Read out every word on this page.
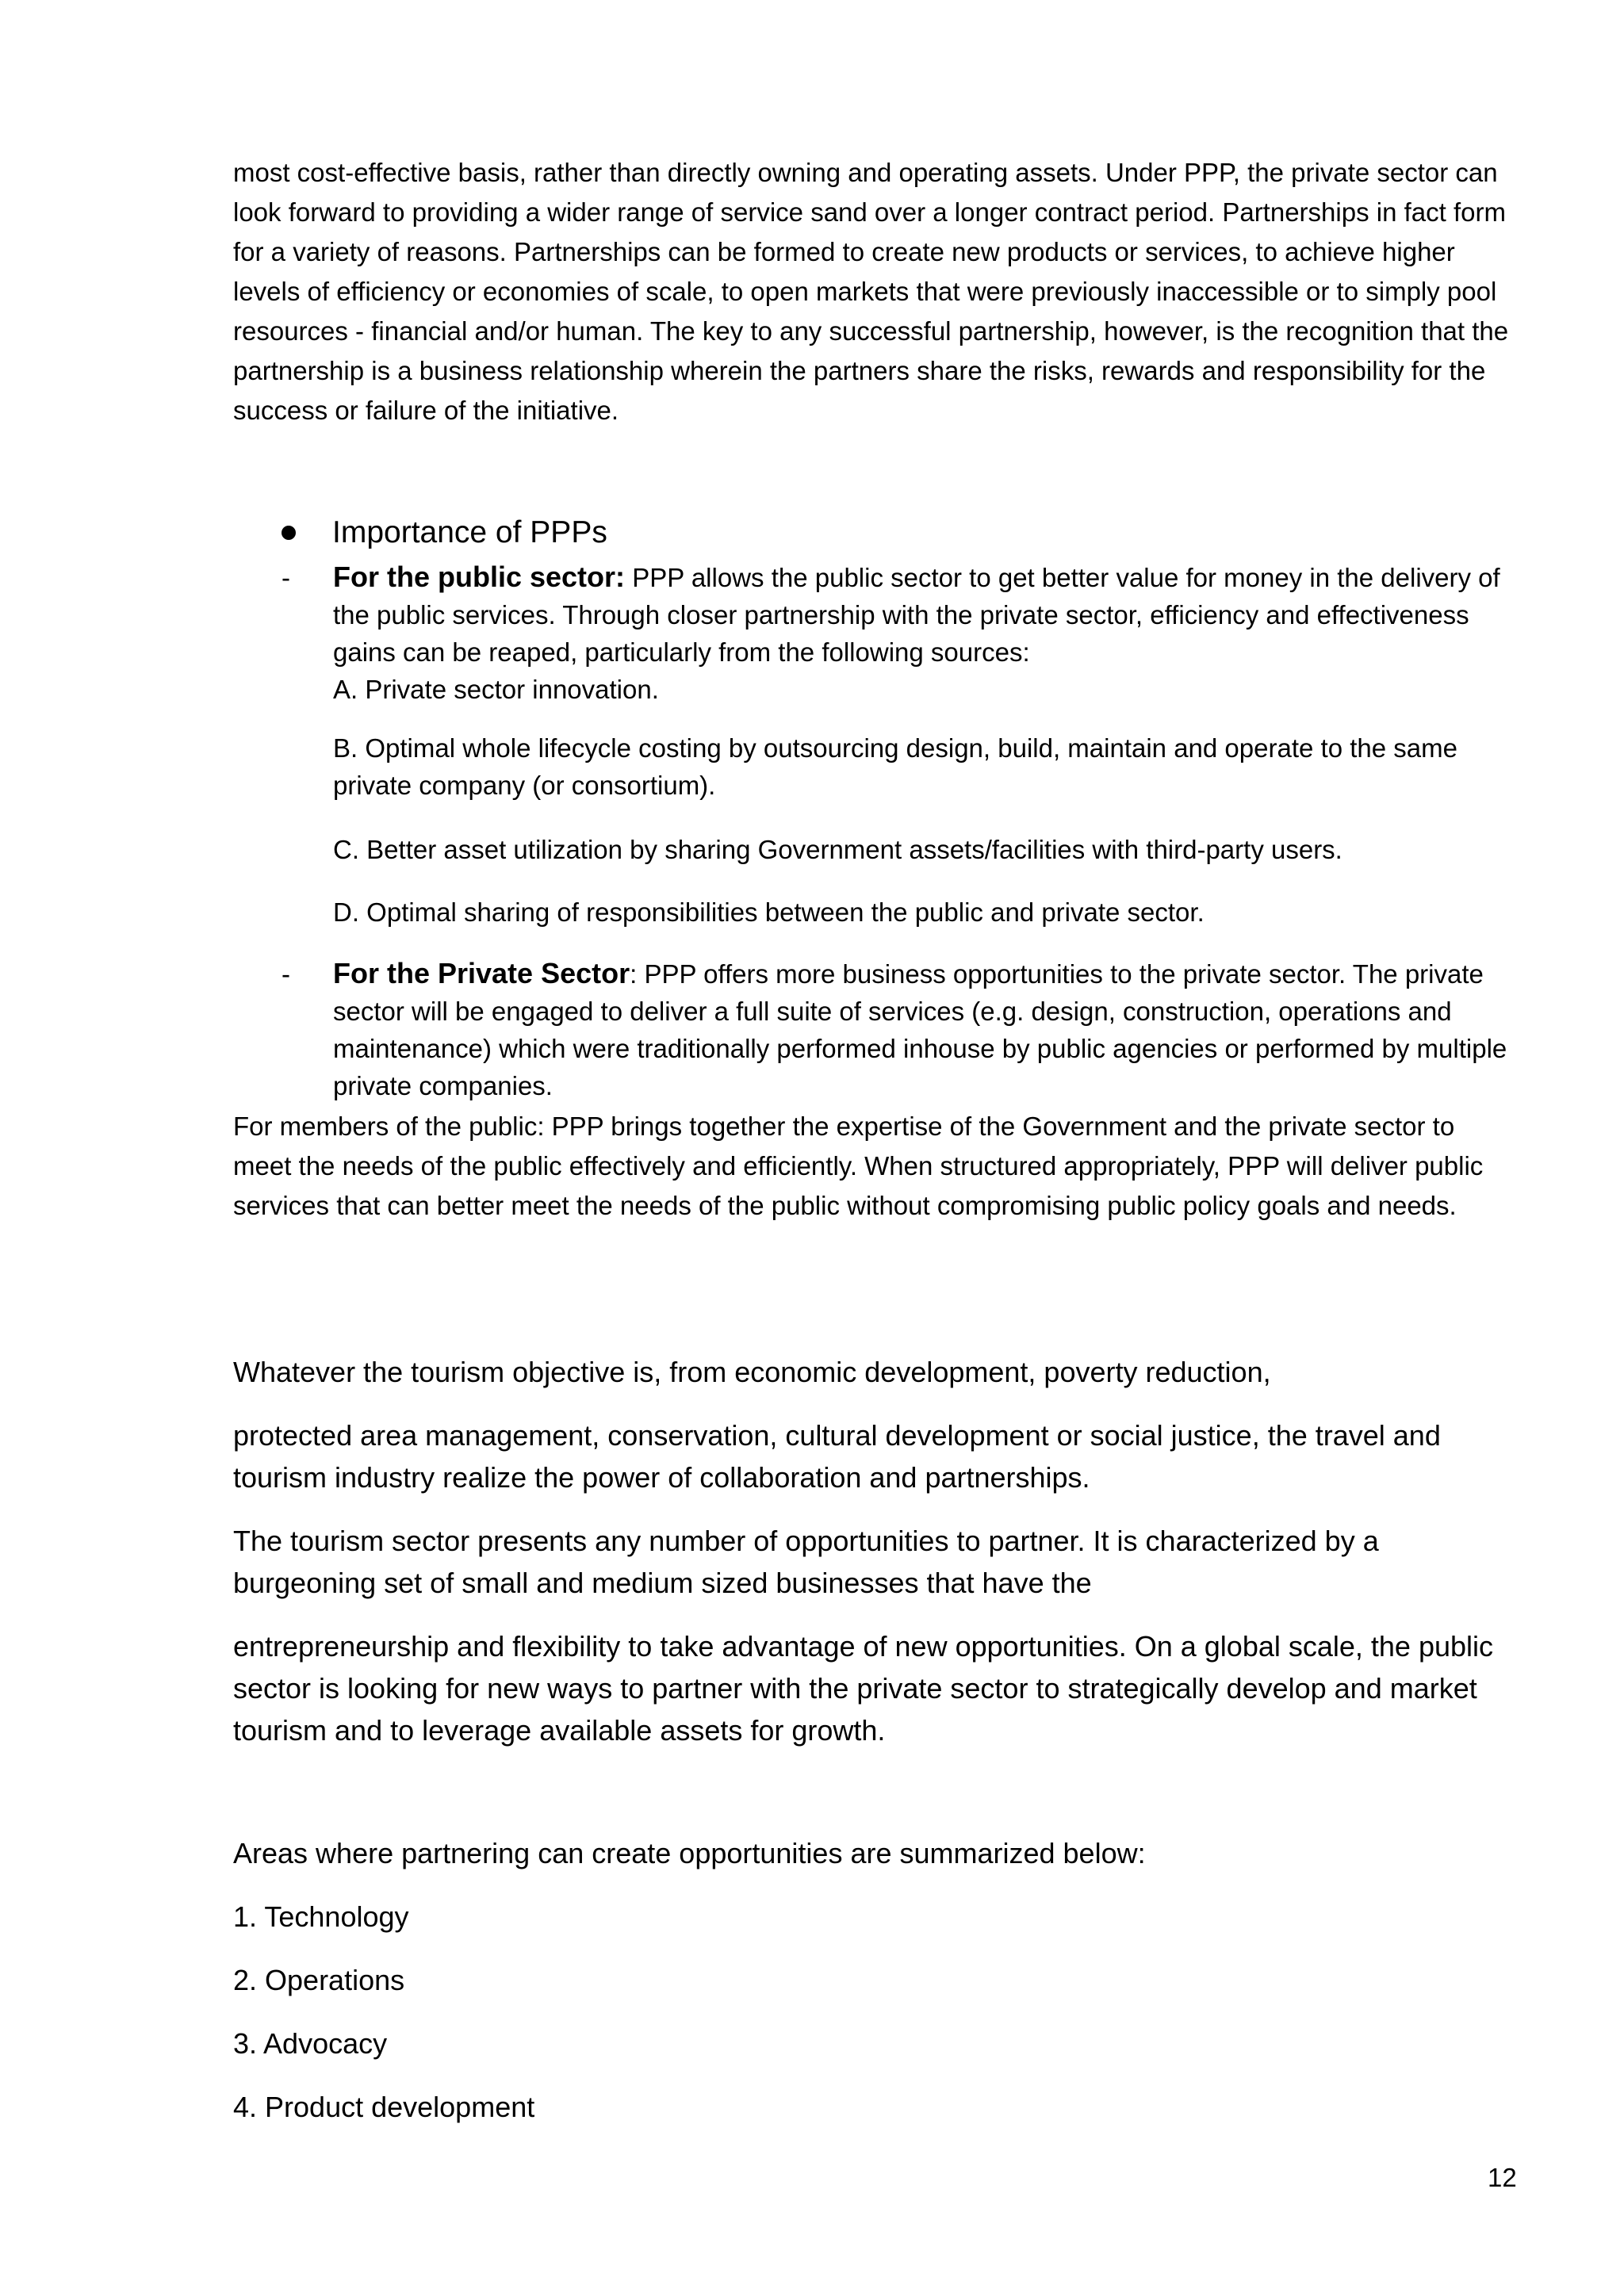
most cost-effective basis, rather than directly owning and operating assets. Under PPP, the private sector can look forward to providing a wider range of service sand over a longer contract period. Partnerships in fact form for a variety of reasons. Partnerships can be formed to create new products or services, to achieve higher levels of efficiency or economies of scale, to open markets that were previously inaccessible or to simply pool resources - financial and/or human. The key to any successful partnership, however, is the recognition that the partnership is a business relationship wherein the partners share the risks, rewards and responsibility for the success or failure of the initiative.

Importance of PPPs
- For the public sector: PPP allows the public sector to get better value for money in the delivery of the public services. Through closer partnership with the private sector, efficiency and effectiveness gains can be reaped, particularly from the following sources:

A. Private sector innovation.

B. Optimal whole lifecycle costing by outsourcing design, build, maintain and operate to the same private company (or consortium).
C. Better asset utilization by sharing Government assets/facilities with third-party users.
D. Optimal sharing of responsibilities between the public and private sector.
- For the Private Sector: PPP offers more business opportunities to the private sector. The private sector will be engaged to deliver a full suite of services (e.g. design, construction, operations and maintenance) which were traditionally performed inhouse by public agencies or performed by multiple private companies.

For members of the public: PPP brings together the expertise of the Government and the private sector to meet the needs of the public effectively and efficiently. When structured appropriately, PPP will deliver public services that can better meet the needs of the public without compromising public policy goals and needs.

Whatever the tourism objective is, from economic development, poverty reduction,

protected area management, conservation, cultural development or social justice, the travel and tourism industry realize the power of collaboration and partnerships.

The tourism sector presents any number of opportunities to partner. It is characterized by a burgeoning set of small and medium sized businesses that have the

entrepreneurship and flexibility to take advantage of new opportunities. On a global scale, the public sector is looking for new ways to partner with the private sector to strategically develop and market tourism and to leverage available assets for growth.

Areas where partnering can create opportunities are summarized below:
1. Technology
2. Operations
3. Advocacy
4. Product development
12
